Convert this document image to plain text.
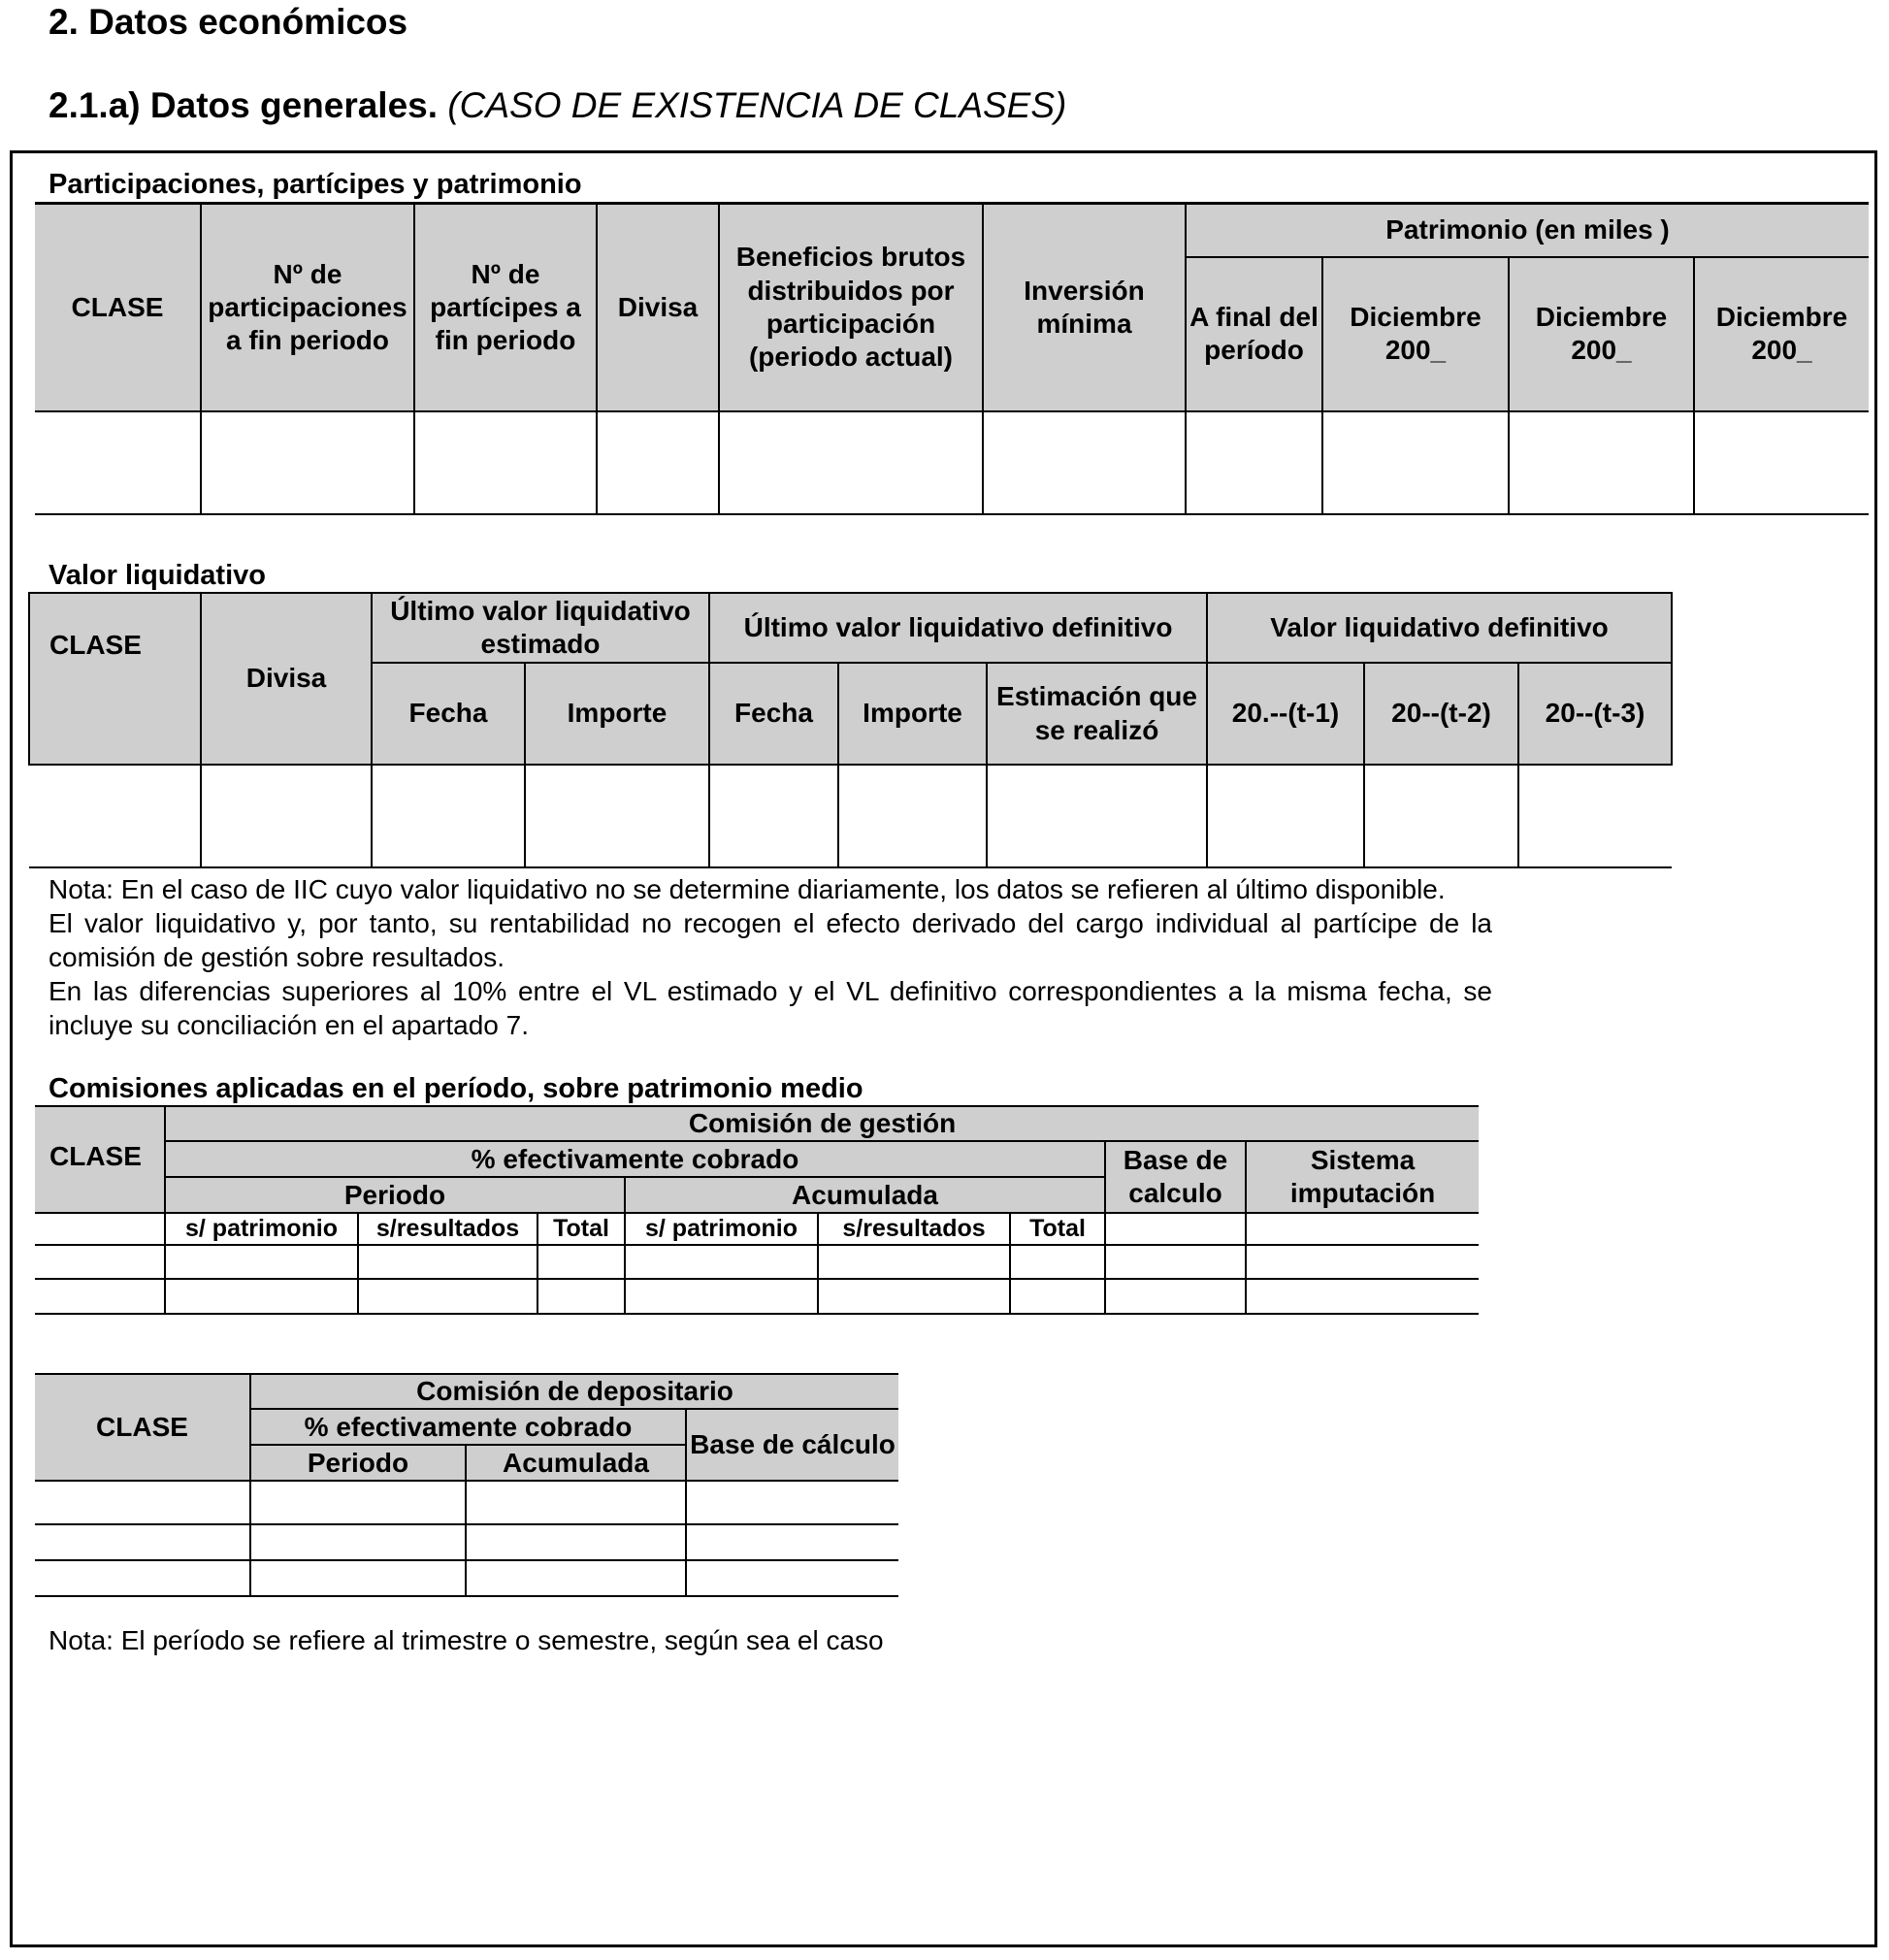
2. Datos económicos
2.1.a) Datos generales. (CASO DE EXISTENCIA DE CLASES)
Participaciones, partícipes y patrimonio
CLASE	Nº de participaciones a fin periodo	Nº de partícipes a fin periodo	Divisa	Beneficios brutos distribuidos por participación (periodo actual)	Inversión mínima	Patrimonio (en miles )			
						A final del período	Diciembre 200_	Diciembre 200_	Diciembre 200_

Valor liquidativo
CLASE	Divisa	Último valor liquidativo estimado		Último valor liquidativo definitivo			Valor liquidativo definitivo		
		Fecha	Importe	Fecha	Importe	Estimación que se realizó	20.--(t-1)	20--(t-2)	20--(t-3)

Nota: En el caso de IIC cuyo valor liquidativo no se determine diariamente, los datos se refieren al último disponible.
El valor liquidativo y, por tanto, su rentabilidad no recogen el efecto derivado del cargo individual al partícipe de la comisión de gestión sobre resultados.
En las diferencias superiores al 10% entre el VL estimado y el VL definitivo correspondientes a la misma fecha, se incluye su conciliación en el apartado 7.
Comisiones aplicadas en el período, sobre patrimonio medio
CLASE	Comisión de gestión							
	% efectivamente cobrado						Base de calculo	Sistema imputación
	Periodo			Acumulada				
	s/ patrimonio	s/resultados	Total	s/ patrimonio	s/resultados	Total		

CLASE	Comisión de depositario		
	% efectivamente cobrado		Base de cálculo
	Periodo	Acumulada	

Nota: El período se refiere al trimestre o semestre, según sea el caso
